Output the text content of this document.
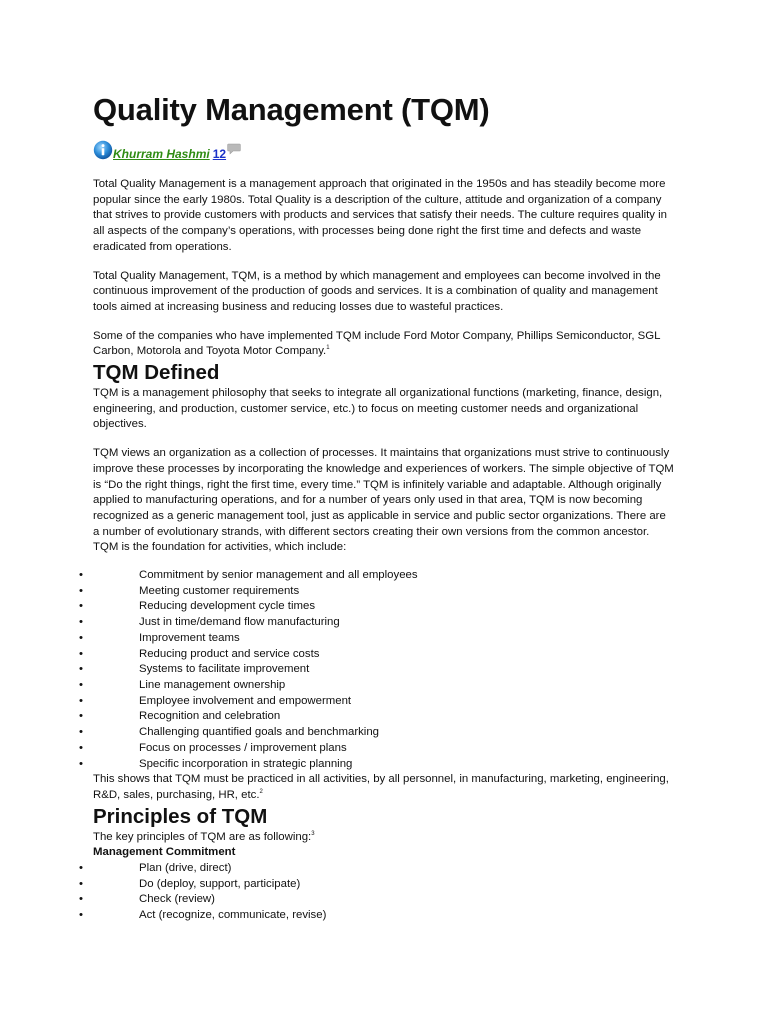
Quality Management (TQM)
Khurram Hashmi 12

Total Quality Management is a management approach that originated in the 1950s and has steadily become more popular since the early 1980s. Total Quality is a description of the culture, attitude and organization of a company that strives to provide customers with products and services that satisfy their needs. The culture requires quality in all aspects of the company’s operations, with processes being done right the first time and defects and waste eradicated from operations.

Total Quality Management, TQM, is a method by which management and employees can become involved in the continuous improvement of the production of goods and services. It is a combination of quality and management tools aimed at increasing business and reducing losses due to wasteful practices.

Some of the companies who have implemented TQM include Ford Motor Company, Phillips Semiconductor, SGL Carbon, Motorola and Toyota Motor Company.$^1$

TQM Defined

TQM is a management philosophy that seeks to integrate all organizational functions (marketing, finance, design, engineering, and production, customer service, etc.) to focus on meeting customer needs and organizational objectives.

TQM views an organization as a collection of processes. It maintains that organizations must strive to continuously improve these processes by incorporating the knowledge and experiences of workers. The simple objective of TQM is “Do the right things, right the first time, every time.” TQM is infinitely variable and adaptable. Although originally applied to manufacturing operations, and for a number of years only used in that area, TQM is now becoming recognized as a generic management tool, just as applicable in service and public sector organizations. There are a number of evolutionary strands, with different sectors creating their own versions from the common ancestor. TQM is the foundation for activities, which include:

•	Commitment by senior management and all employees
•	Meeting customer requirements
•	Reducing development cycle times
•	Just in time/demand flow manufacturing
•	Improvement teams
•	Reducing product and service costs
•	Systems to facilitate improvement
•	Line management ownership
•	Employee involvement and empowerment
•	Recognition and celebration
•	Challenging quantified goals and benchmarking
•	Focus on processes / improvement plans
•	Specific incorporation in strategic planning

This shows that TQM must be practiced in all activities, by all personnel, in manufacturing, marketing, engineering, R&D, sales, purchasing, HR, etc.$^2$

Principles of TQM

The key principles of TQM are as following:$^3$

Management Commitment

•	Plan (drive, direct)
•	Do (deploy, support, participate)
•	Check (review)
•	Act (recognize, communicate, revise)
